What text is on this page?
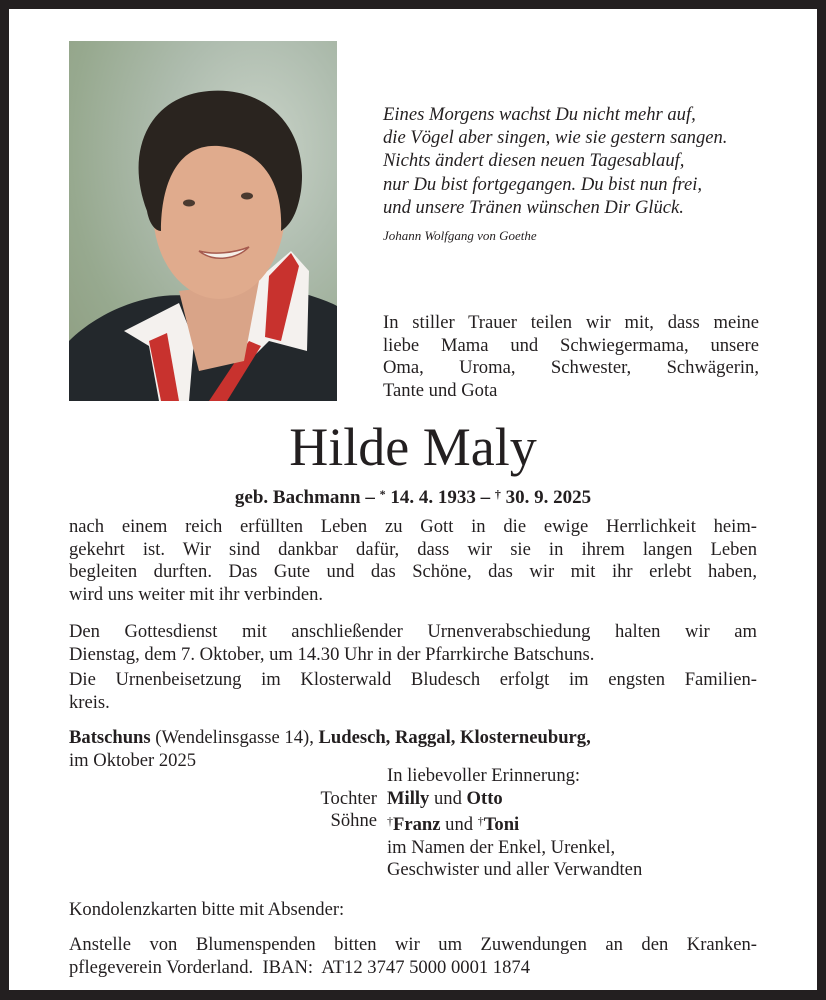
Eines Morgens wachst Du nicht mehr auf,
die Vögel aber singen, wie sie gestern sangen.
Nichts ändert diesen neuen Tagesablauf,
nur Du bist fortgegangen. Du bist nun frei,
und unsere Tränen wünschen Dir Glück.
Johann Wolfgang von Goethe
In stiller Trauer teilen wir mit, dass meine
liebe Mama und Schwiegermama, unsere
Oma, Uroma, Schwester, Schwägerin,
Tante und Gota
Hilde Maly
geb. Bachmann – * 14. 4. 1933 – † 30. 9. 2025
nach einem reich erfüllten Leben zu Gott in die ewige Herrlichkeit heim-
gekehrt ist. Wir sind dankbar dafür, dass wir sie in ihrem langen Leben
begleiten durften. Das Gute und das Schöne, das wir mit ihr erlebt haben,
wird uns weiter mit ihr verbinden.
Den Gottesdienst mit anschließender Urnenverabschiedung halten wir am
Dienstag, dem 7. Oktober, um 14.30 Uhr in der Pfarrkirche Batschuns.
Die Urnenbeisetzung im Klosterwald Bludesch erfolgt im engsten Familien-
kreis.
Batschuns (Wendelinsgasse 14), Ludesch, Raggal, Klosterneuburg,
im Oktober 2025
In liebevoller Erinnerung:
Tochter Milly und Otto
Söhne †Franz und †Toni
im Namen der Enkel, Urenkel,
Geschwister und aller Verwandten
Kondolenzkarten bitte mit Absender:
Anstelle von Blumenspenden bitten wir um Zuwendungen an den Kranken-
pflegeverein Vorderland.  IBAN:  AT12 3747 5000 0001 1874
